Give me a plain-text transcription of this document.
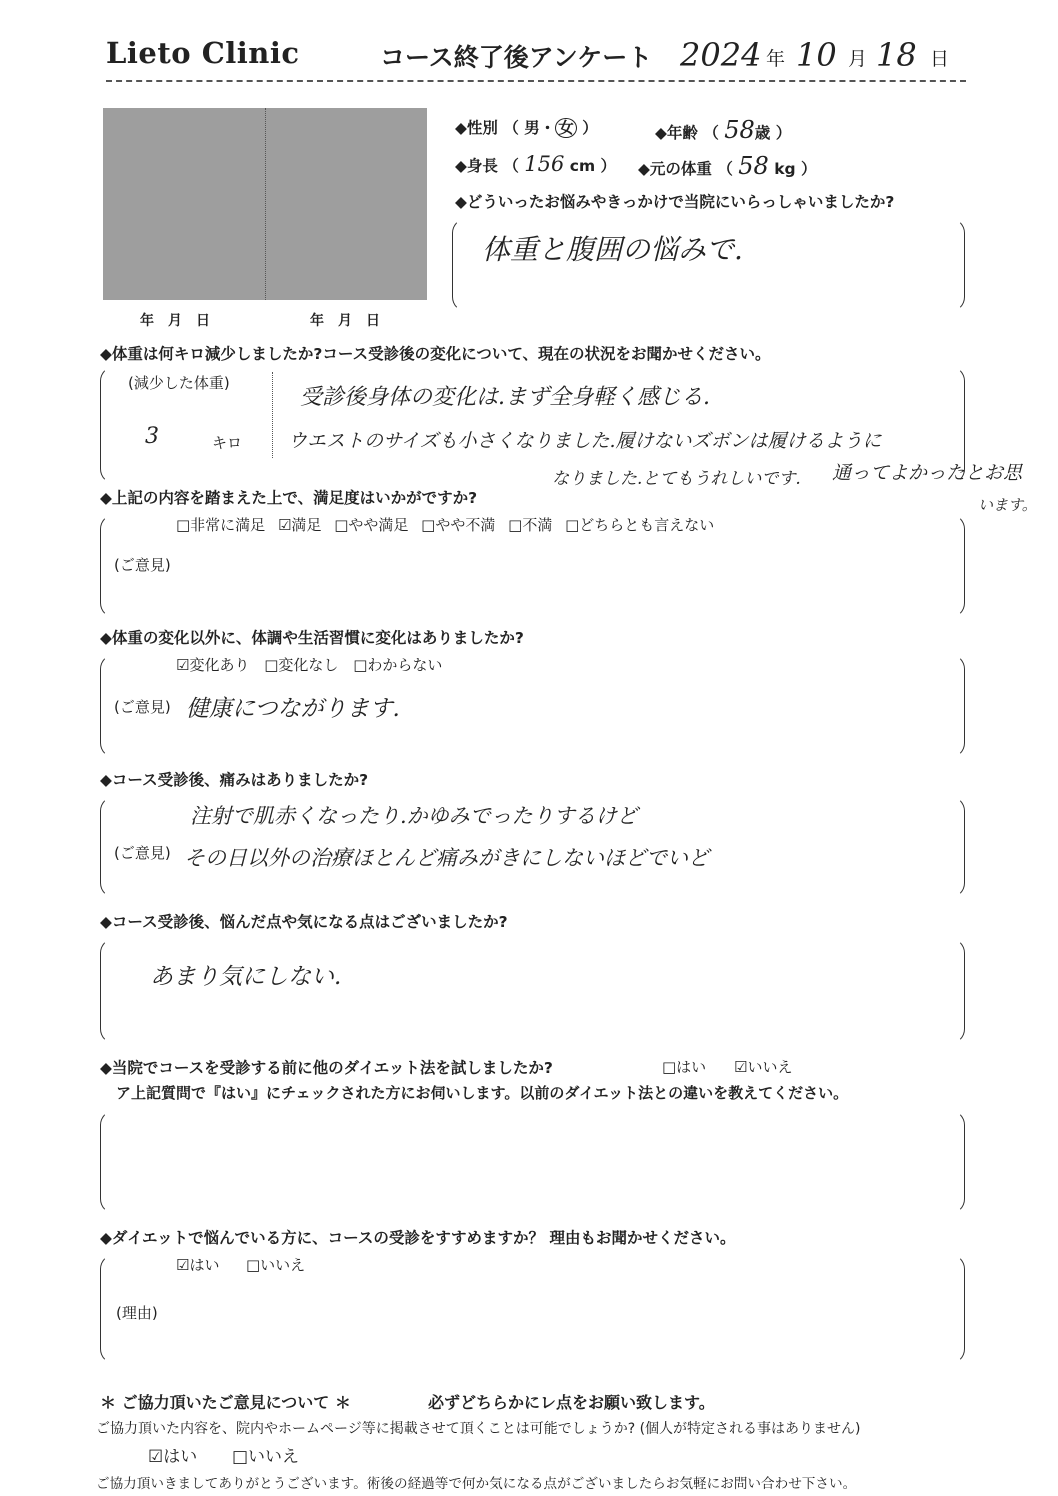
Lieto Clinic	コース終了後アンケート 2024 年 10 月 18 日
年　月　日	年　月　日
◆性別 （ 男・ 女 ）	◆年齢 （ 58歳 ）
◆身長 （ 156 cm ） ◆元の体重 （ 58 kg ）
◆どういったお悩みやきっかけで当院にいらっしゃいましたか?
体重と腹囲の悩みで.
◆体重は何キロ減少しましたか?コース受診後の変化について、現在の状況をお聞かせください。
(減少した体重)
3	キロ
受診後身体の変化は.まず全身軽く感じる.
ウエストのサイズも小さくなりました.履けないズボンは履けるように
なりました.とてもうれしいです. 通ってよかったとお思
います。
◆上記の内容を踏まえた上で、満足度はいかがですか?
□非常に満足 ☑満足 □やや満足 □やや不満 □不満 □どちらとも言えない
(ご意見)
◆体重の変化以外に、体調や生活習慣に変化はありましたか?
☑変化あり □変化なし □わからない
(ご意見) 健康につながります.
◆コース受診後、痛みはありましたか?
注射で肌赤くなったり.かゆみでったりするけど
(ご意見) その日以外の治療ほとんど痛みがきにしないほどでいど
◆コース受診後、悩んだ点や気になる点はございましたか?
あまり気にしない.
◆当院でコースを受診する前に他のダイエット法を試しましたか?	□はい ☑いいえ
ア上記質問で『はい』にチェックされた方にお伺いします。以前のダイエット法との違いを教えてください。
◆ダイエットで悩んでいる方に、コースの受診をすすめますか？ 理由もお聞かせください。
☑はい □いいえ
(理由)
＊ ご協力頂いたご意見について ＊	必ずどちらかにレ点をお願い致します。
ご協力頂いた内容を、院内やホームページ等に掲載させて頂くことは可能でしょうか? (個人が特定される事はありません)
☑はい □いいえ
ご協力頂いきましてありがとうございます。術後の経過等で何か気になる点がございましたらお気軽にお問い合わせ下さい。
